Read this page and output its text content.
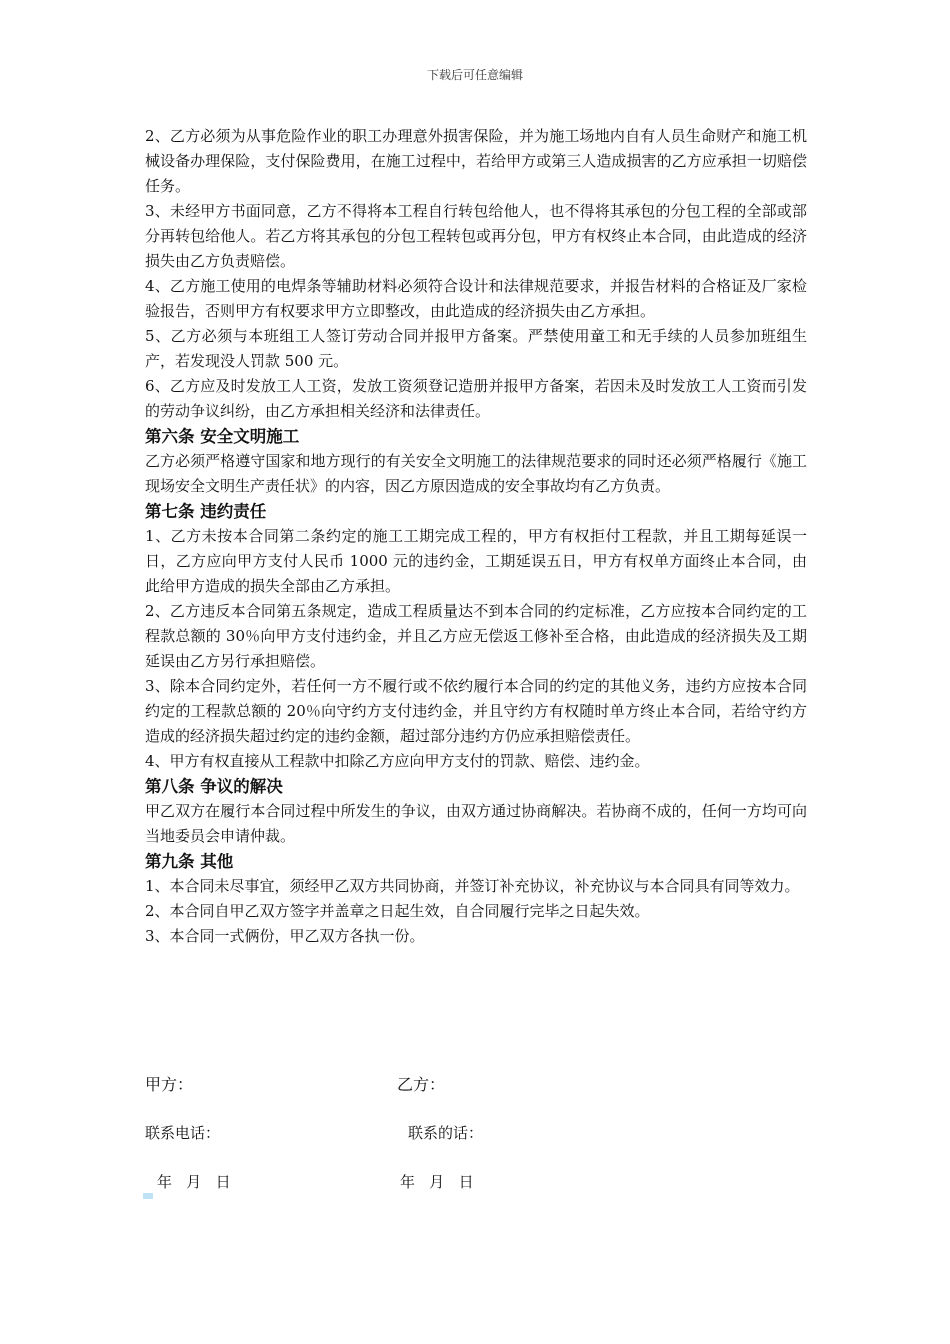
下载后可任意编辑

2、乙方必须为从事危险作业的职工办理意外损害保险，并为施工场地内自有人员生命财产和施工机械设备办理保险，支付保险费用，在施工过程中，若给甲方或第三人造成损害的乙方应承担一切赔偿任务。

3、未经甲方书面同意，乙方不得将本工程自行转包给他人，也不得将其承包的分包工程的全部或部分再转包给他人。若乙方将其承包的分包工程转包或再分包，甲方有权终止本合同，由此造成的经济损失由乙方负责赔偿。

4、乙方施工使用的电焊条等辅助材料必须符合设计和法律规范要求，并报告材料的合格证及厂家检验报告，否则甲方有权要求甲方立即整改，由此造成的经济损失由乙方承担。

5、乙方必须与本班组工人签订劳动合同并报甲方备案。严禁使用童工和无手续的人员参加班组生产，若发现没人罚款 500 元。

6、乙方应及时发放工人工资，发放工资须登记造册并报甲方备案，若因未及时发放工人工资而引发的劳动争议纠纷，由乙方承担相关经济和法律责任。

第六条 安全文明施工

乙方必须严格遵守国家和地方现行的有关安全文明施工的法律规范要求的同时还必须严格履行《施工现场安全文明生产责任状》的内容，因乙方原因造成的安全事故均有乙方负责。

第七条 违约责任

1、乙方未按本合同第二条约定的施工工期完成工程的，甲方有权拒付工程款，并且工期每延误一日，乙方应向甲方支付人民币 1000 元的违约金，工期延误五日，甲方有权单方面终止本合同，由此给甲方造成的损失全部由乙方承担。

2、乙方违反本合同第五条规定，造成工程质量达不到本合同的约定标准，乙方应按本合同约定的工程款总额的 30％向甲方支付违约金，并且乙方应无偿返工修补至合格，由此造成的经济损失及工期延误由乙方另行承担赔偿。

3、除本合同约定外，若任何一方不履行或不依约履行本合同的约定的其他义务，违约方应按本合同约定的工程款总额的 20％向守约方支付违约金，并且守约方有权随时单方终止本合同，若给守约方造成的经济损失超过约定的违约金额，超过部分违约方仍应承担赔偿责任。

4、甲方有权直接从工程款中扣除乙方应向甲方支付的罚款、赔偿、违约金。

第八条 争议的解决

甲乙双方在履行本合同过程中所发生的争议，由双方通过协商解决。若协商不成的，任何一方均可向当地委员会申请仲裁。

第九条 其他

1、本合同未尽事宜，须经甲乙双方共同协商，并签订补充协议，补充协议与本合同具有同等效力。

2、本合同自甲乙双方签字并盖章之日起生效，自合同履行完毕之日起失效。

3、本合同一式俩份，甲乙双方各执一份。

甲方：	乙方：
联系电话：	联系的话：
年   月   日	年   月   日
